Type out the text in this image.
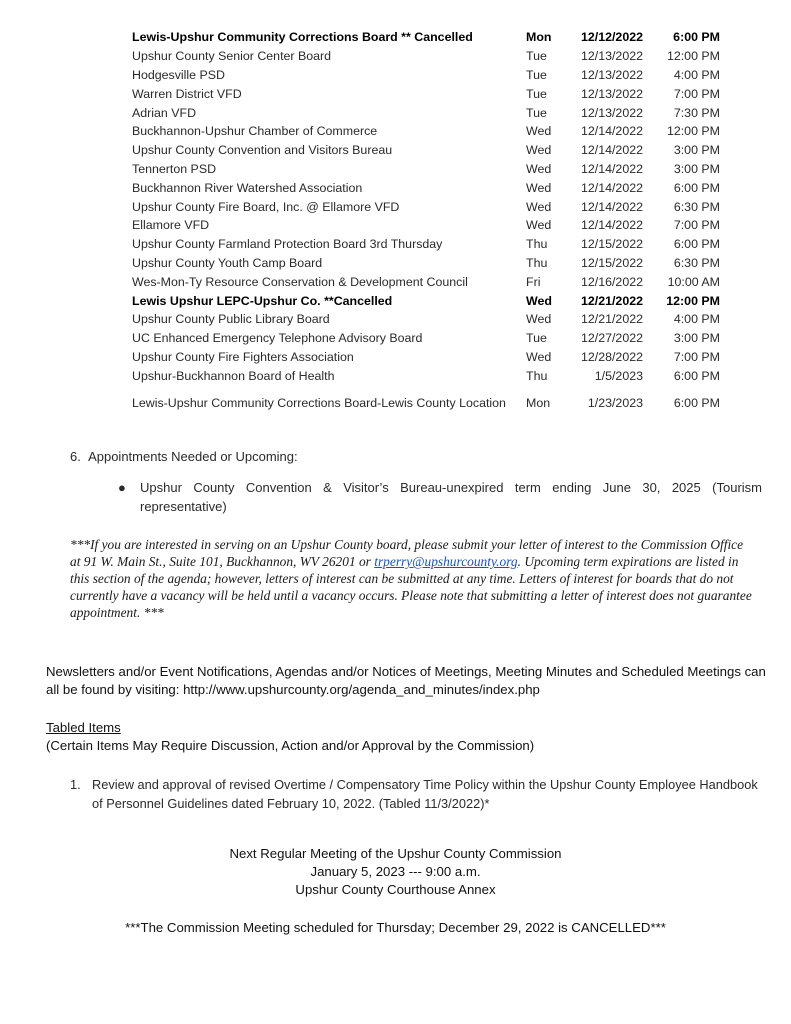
Lewis-Upshur Community Corrections Board ** Cancelled	Mon	12/12/2022	6:00 PM
Upshur County Senior Center Board	Tue	12/13/2022	12:00 PM
Hodgesville PSD	Tue	12/13/2022	4:00 PM
Warren District VFD	Tue	12/13/2022	7:00 PM
Adrian VFD	Tue	12/13/2022	7:30 PM
Buckhannon-Upshur Chamber of Commerce	Wed	12/14/2022	12:00 PM
Upshur County Convention and Visitors Bureau	Wed	12/14/2022	3:00 PM
Tennerton PSD	Wed	12/14/2022	3:00 PM
Buckhannon River Watershed Association	Wed	12/14/2022	6:00 PM
Upshur County Fire Board, Inc. @ Ellamore VFD	Wed	12/14/2022	6:30 PM
Ellamore VFD	Wed	12/14/2022	7:00 PM
Upshur County Farmland Protection Board 3rd Thursday	Thu	12/15/2022	6:00 PM
Upshur County Youth Camp Board	Thu	12/15/2022	6:30 PM
Wes-Mon-Ty Resource Conservation & Development Council	Fri	12/16/2022	10:00 AM
Lewis Upshur LEPC-Upshur Co. **Cancelled	Wed	12/21/2022	12:00 PM
Upshur County Public Library Board	Wed	12/21/2022	4:00 PM
UC Enhanced Emergency Telephone Advisory Board	Tue	12/27/2022	3:00 PM
Upshur County Fire Fighters Association	Wed	12/28/2022	7:00 PM
Upshur-Buckhannon Board of Health	Thu	1/5/2023	6:00 PM
Lewis-Upshur Community Corrections Board-Lewis County Location	Mon	1/23/2023	6:00 PM
6.  Appointments Needed or Upcoming:
●	Upshur County Convention & Visitor’s Bureau-unexpired term ending June 30, 2025 (Tourism representative)
***If you are interested in serving on an Upshur County board, please submit your letter of interest to the Commission Office at 91 W. Main St., Suite 101, Buckhannon, WV 26201 or trperry@upshurcounty.org. Upcoming term expirations are listed in this section of the agenda; however, letters of interest can be submitted at any time. Letters of interest for boards that do not currently have a vacancy will be held until a vacancy occurs. Please note that submitting a letter of interest does not guarantee appointment. ***
Newsletters and/or Event Notifications, Agendas and/or Notices of Meetings, Meeting Minutes and Scheduled Meetings can all be found by visiting: http://www.upshurcounty.org/agenda_and_minutes/index.php
Tabled Items
(Certain Items May Require Discussion, Action and/or Approval by the Commission)
1. Review and approval of revised Overtime / Compensatory Time Policy within the Upshur County Employee Handbook of Personnel Guidelines dated February 10, 2022. (Tabled 11/3/2022)*
Next Regular Meeting of the Upshur County Commission
January 5, 2023 --- 9:00 a.m.
Upshur County Courthouse Annex
***The Commission Meeting scheduled for Thursday; December 29, 2022 is CANCELLED***
